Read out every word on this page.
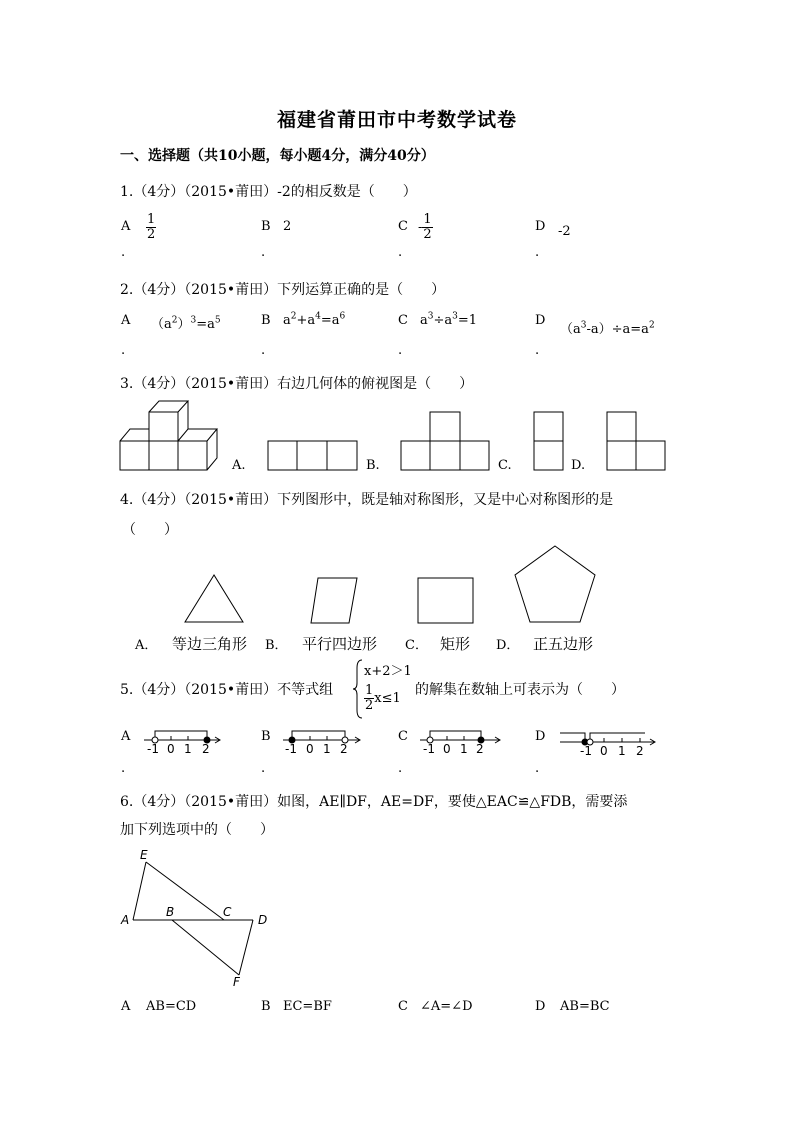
福建省莆田市中考数学试卷
一、选择题（共10小题，每小题4分，满分40分）
1.（4分）（2015•莆田）-2的相反数是（　　）
A $\frac{1}{2}$	B 2	C - $\frac{1}{2}$	D -2
.	.	.	.
2.（4分）（2015•莆田）下列运算正确的是（　　）
A $(a^2)^3=a^5$	B $a^2+a^4=a^6$	C $a^3\div a^3=1$	D
$(a^3-a)\div a=a^2$
.	.	.	.
3.（4分）（2015•莆田）右边几何体的俯视图是（　　）
A.	B.	C.	D.
4.（4分）（2015•莆田）下列图形中，既是轴对称图形，又是中心对称图形的是
（　　）
A． 等边三角形 B． 平行四边形 C． 矩形 D． 正五边形
5.（4分）（2015•莆田）不等式组
x+2＞1
$\frac{1}{2} x\le 1$
的解集在数轴上可表示为（　　）
A	B	C	D
-1 0 1 2	-1 0 1 2	-1 0 1 2	-1 0 1 2
.	.	.	.
6.（4分）（2015•莆田）如图，AE∥DF，AE=DF，要使△EAC≌△FDB，需要添
加下列选项中的（　　）
E
A
B	C
D
F
A AB=CD	B EC=BF	C ∠A=∠D	D AB=BC
